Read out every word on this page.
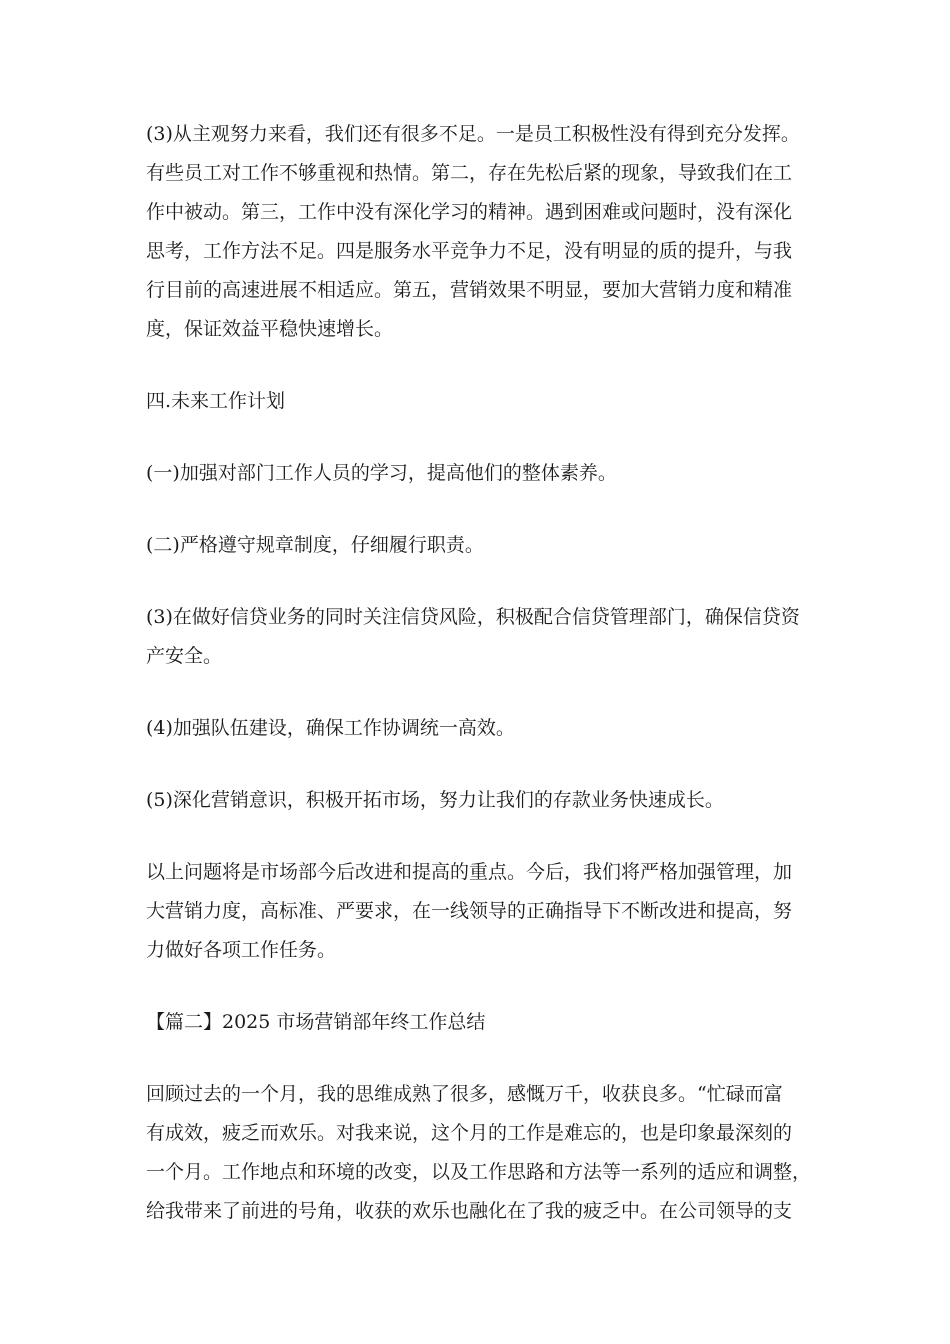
(3)从主观努力来看，我们还有很多不足。一是员工积极性没有得到充分发挥。
有些员工对工作不够重视和热情。第二，存在先松后紧的现象，导致我们在工
作中被动。第三，工作中没有深化学习的精神。遇到困难或问题时，没有深化
思考，工作方法不足。四是服务水平竞争力不足，没有明显的质的提升，与我
行目前的高速进展不相适应。第五，营销效果不明显，要加大营销力度和精准
度，保证效益平稳快速增长。

四.未来工作计划

(一)加强对部门工作人员的学习，提高他们的整体素养。

(二)严格遵守规章制度，仔细履行职责。

(3)在做好信贷业务的同时关注信贷风险，积极配合信贷管理部门，确保信贷资
产安全。

(4)加强队伍建设，确保工作协调统一高效。

(5)深化营销意识，积极开拓市场，努力让我们的存款业务快速成长。

以上问题将是市场部今后改进和提高的重点。今后，我们将严格加强管理，加
大营销力度，高标准、严要求，在一线领导的正确指导下不断改进和提高，努
力做好各项工作任务。

【篇二】2025 市场营销部年终工作总结

回顾过去的一个月，我的思维成熟了很多，感慨万千，收获良多。“忙碌而富
有成效，疲乏而欢乐。对我来说，这个月的工作是难忘的，也是印象最深刻的
一个月。工作地点和环境的改变，以及工作思路和方法等一系列的适应和调整，
给我带来了前进的号角，收获的欢乐也融化在了我的疲乏中。在公司领导的支
